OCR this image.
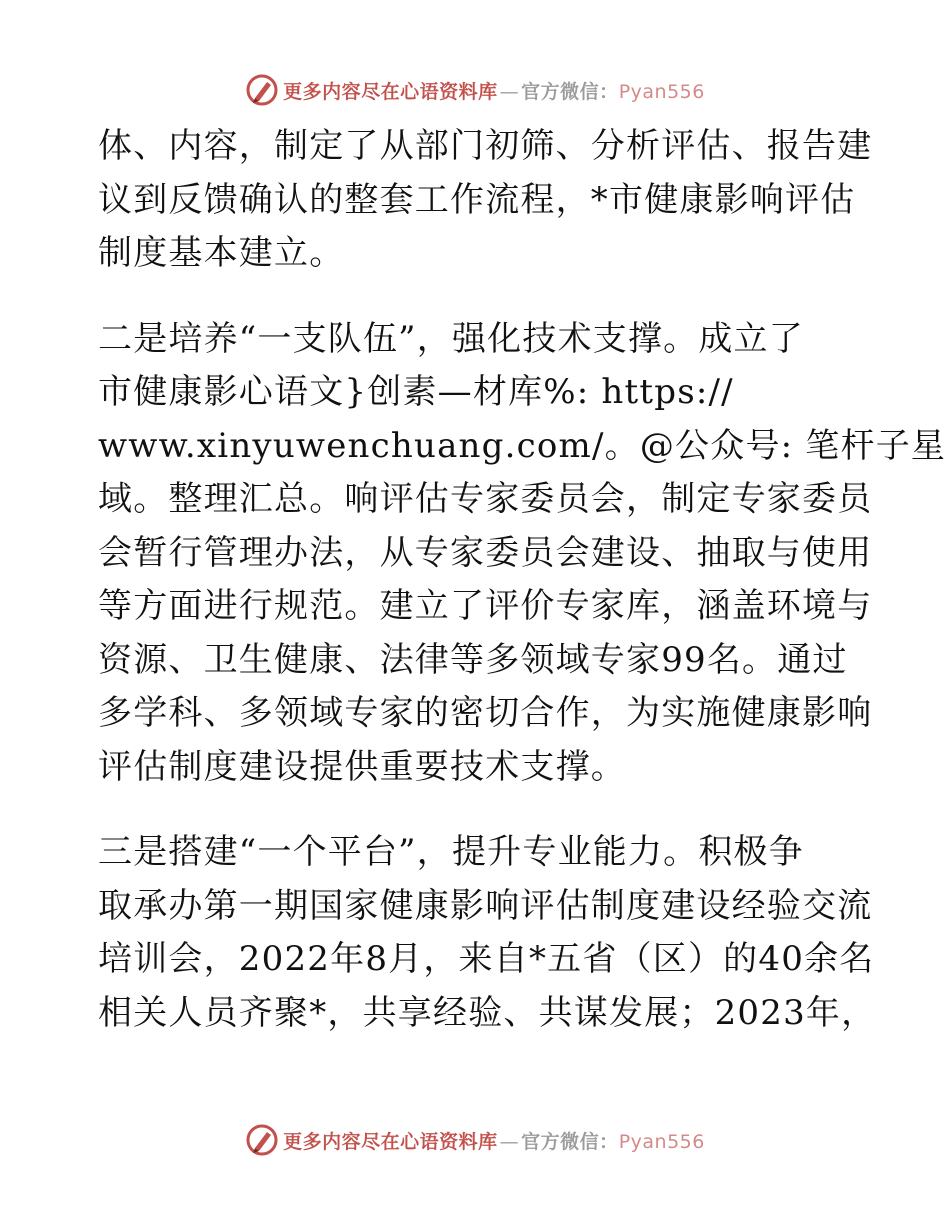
更多内容尽在心语资料库 — 官方微信：Pyan556

体、内容，制定了从部门初筛、分析评估、报告建
议到反馈确认的整套工作流程，*市健康影响评估
制度基本建立。

二是培养“一支队伍”，强化技术支撑。成立了
市健康影心语文}创素—材库%: https://
www.xinyuwenchuang.com/。@公众号: 笔杆子星
域。整理汇总。响评估专家委员会，制定专家委员
会暂行管理办法，从专家委员会建设、抽取与使用
等方面进行规范。建立了评价专家库，涵盖环境与
资源、卫生健康、法律等多领域专家99名。通过
多学科、多领域专家的密切合作，为实施健康影响
评估制度建设提供重要技术支撑。

三是搭建“一个平台”，提升专业能力。积极争
取承办第一期国家健康影响评估制度建设经验交流
培训会，2022年8月，来自*五省（区）的40余名
相关人员齐聚*，共享经验、共谋发展；2023年，

更多内容尽在心语资料库 — 官方微信：Pyan556
